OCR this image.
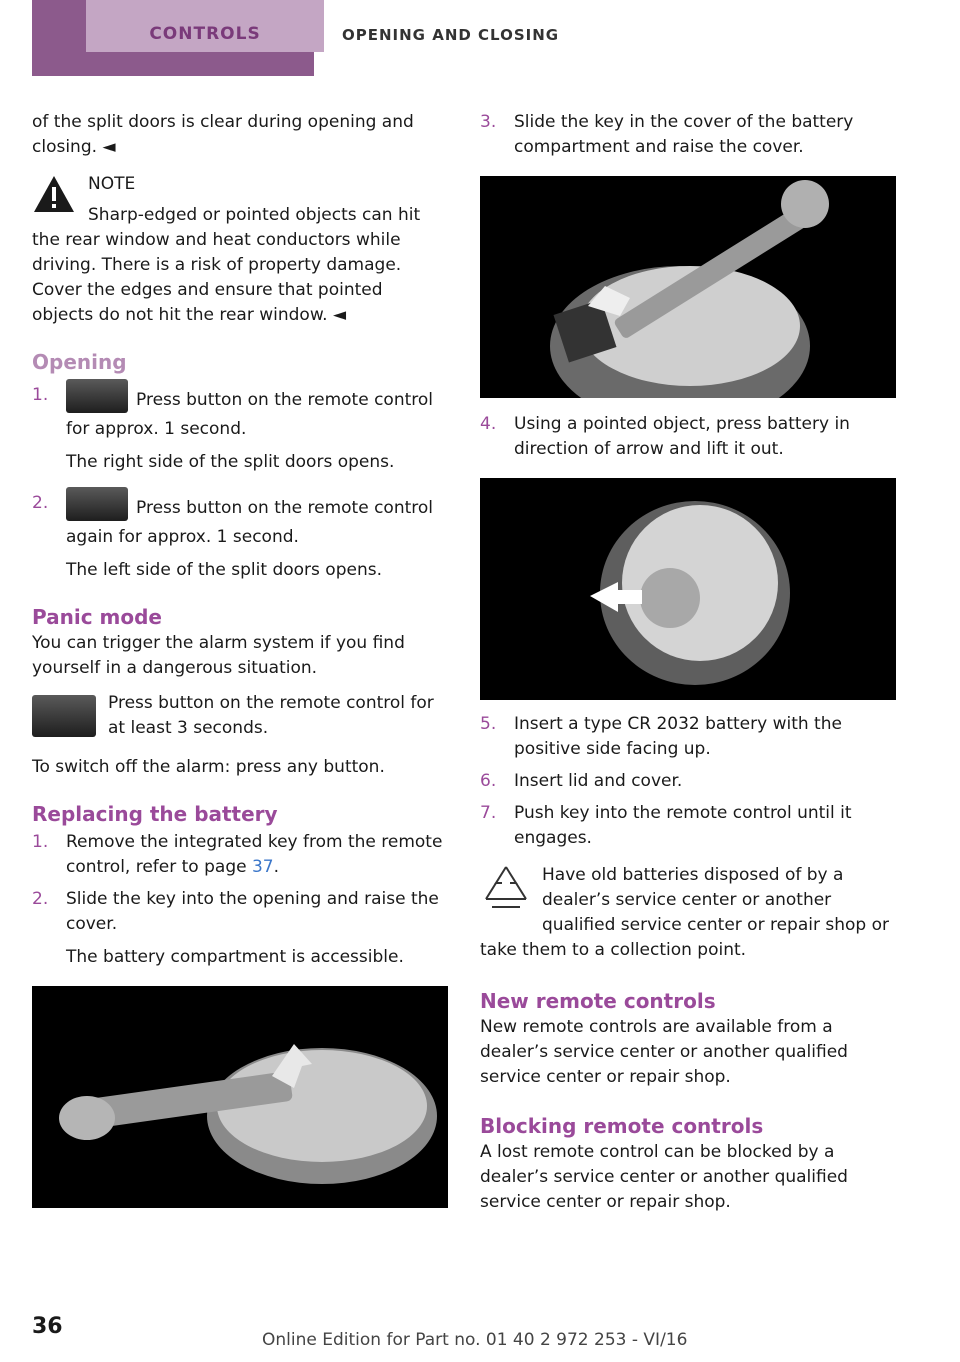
CONTROLS	OPENING AND CLOSING

of the split doors is clear during opening and closing. ◄

NOTE

Sharp-edged or pointed objects can hit the rear window and heat conductors while driving. There is a risk of property damage. Cover the edges and ensure that pointed objects do not hit the rear window. ◄

Opening
1.	Press button on the remote control for approx. 1 second.

The right side of the split doors opens.

2.	Press button on the remote control again for approx. 1 second.

The left side of the split doors opens.

Panic mode

You can trigger the alarm system if you find yourself in a dangerous situation.

Press button on the remote control for at least 3 seconds.

To switch off the alarm: press any button.

Replacing the battery
1. Remove the integrated key from the remote control, refer to page 37.
2. Slide the key into the opening and raise the cover.

The battery compartment is accessible.

3. Slide the key in the cover of the battery compartment and raise the cover.
4. Using a pointed object, press battery in direction of arrow and lift it out.
5. Insert a type CR 2032 battery with the positive side facing up.
6. Insert lid and cover.
7. Push key into the remote control until it engages.

Have old batteries disposed of by a dealer’s service center or another qualified service center or repair shop or take them to a collection point.

New remote controls

New remote controls are available from a dealer’s service center or another qualified service center or repair shop.

Blocking remote controls

A lost remote control can be blocked by a dealer’s service center or another qualified service center or repair shop.

36
Online Edition for Part no. 01 40 2 972 253 - VI/16
